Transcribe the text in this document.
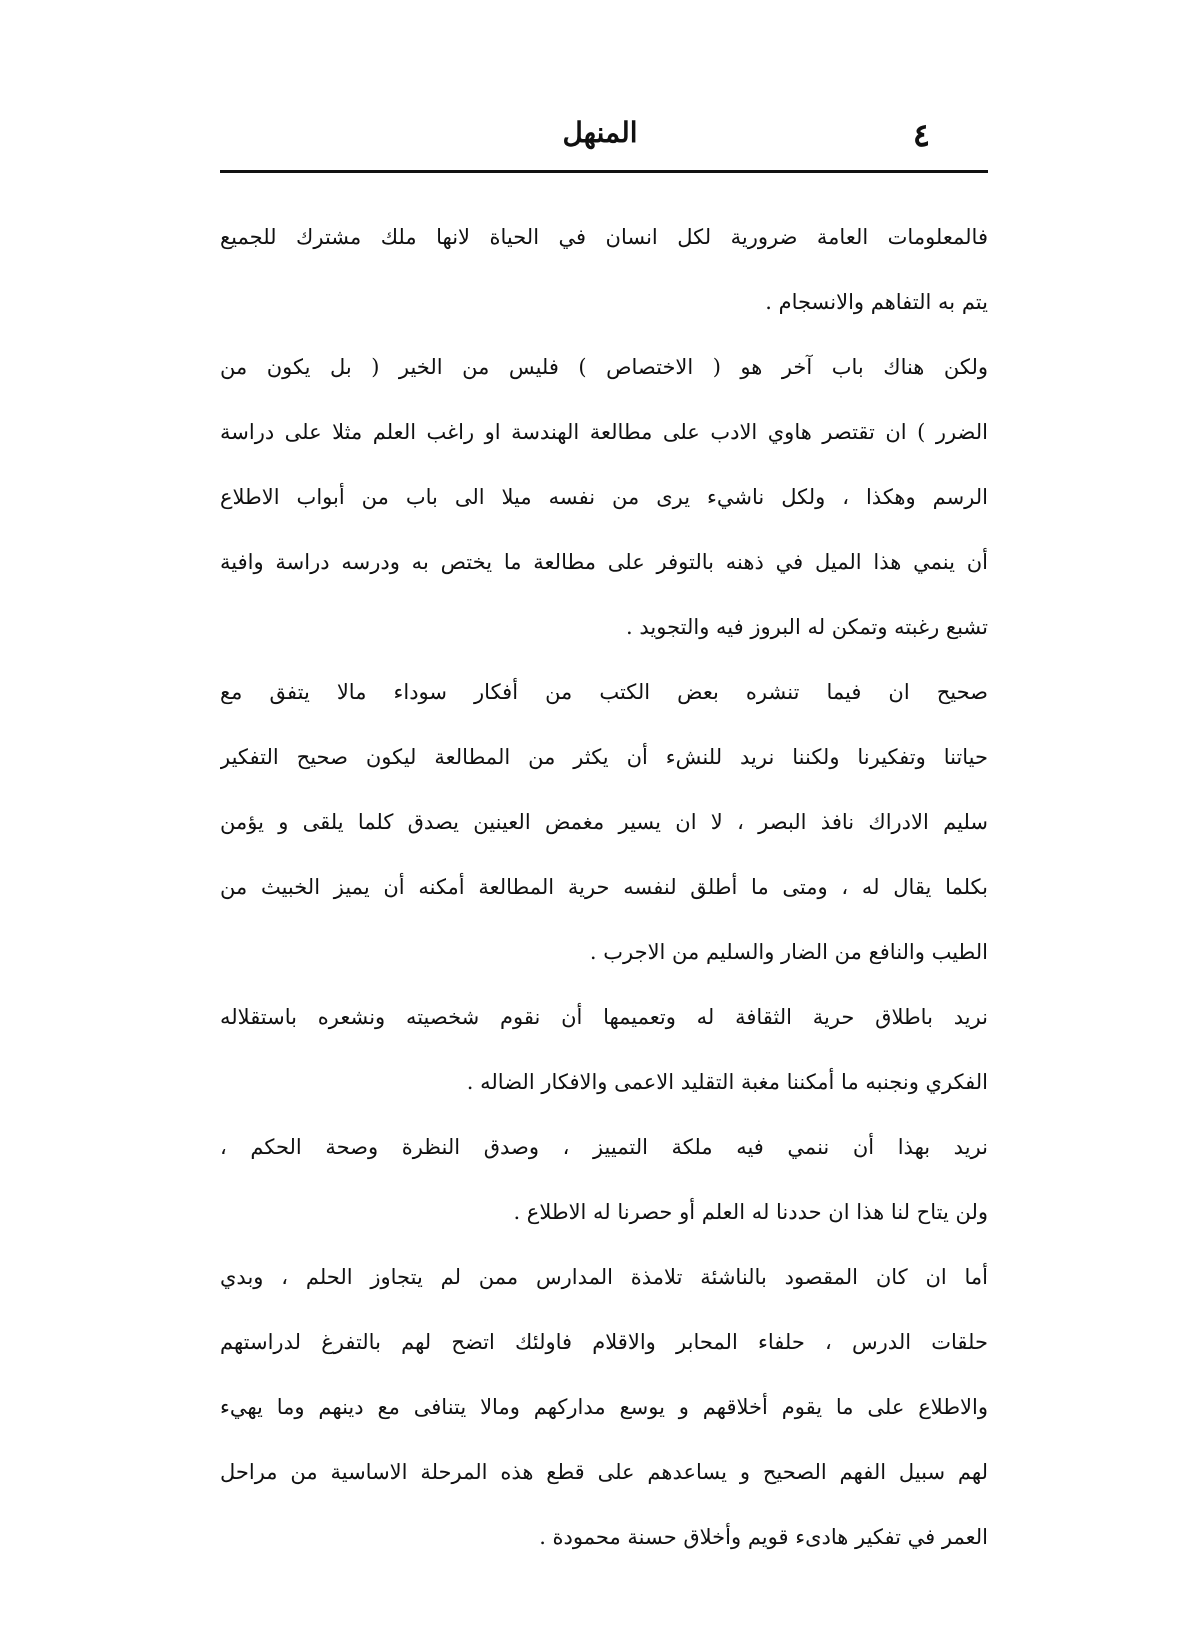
٤
المنهل
فالمعلومات العامة ضرورية لكل انسان في الحياة لانها ملك مشترك للجميع
يتم به التفاهم والانسجام .
ولكن هناك باب آخر هو ( الاختصاص ) فليس من الخير ( بل يكون من
الضرر ) ان تقتصر هاوي الادب على مطالعة الهندسة او راغب العلم مثلا على دراسة
الرسم وهكذا ، ولكل ناشيء يرى من نفسه ميلا الى باب من أبواب الاطلاع
أن ينمي هذا الميل في ذهنه بالتوفر على مطالعة ما يختص به ودرسه دراسة وافية
تشبع رغبته وتمكن له البروز فيه والتجويد .
صحيح ان فيما تنشره بعض الكتب من أفكار سوداء مالا يتفق مع
حياتنا وتفكيرنا ولكننا نريد للنشء أن يكثر من المطالعة ليكون صحيح التفكير
سليم الادراك نافذ البصر ، لا ان يسير مغمض العينين يصدق كلما يلقى و يؤمن
بكلما يقال له ، ومتى ما أطلق لنفسه حرية المطالعة أمكنه أن يميز الخبيث من
الطيب والنافع من الضار والسليم من الاجرب .
نريد باطلاق حرية الثقافة له وتعميمها أن نقوم شخصيته ونشعره باستقلاله
الفكري ونجنبه ما أمكننا مغبة التقليد الاعمى والافكار الضاله .
نريد بهذا أن ننمي فيه ملكة التمييز ، وصدق النظرة وصحة الحكم ،
ولن يتاح لنا هذا ان حددنا له العلم أو حصرنا له الاطلاع .
أما ان كان المقصود بالناشئة تلامذة المدارس ممن لم يتجاوز الحلم ، وبدي
حلقات الدرس ، حلفاء المحابر والاقلام فاولئك اتضح لهم بالتفرغ لدراستهم
والاطلاع على ما يقوم أخلاقهم و يوسع مداركهم ومالا يتنافى مع دينهم وما يهيء
لهم سبيل الفهم الصحيح و يساعدهم على قطع هذه المرحلة الاساسية من مراحل
العمر في تفكير هادىء قويم وأخلاق حسنة محمودة .
